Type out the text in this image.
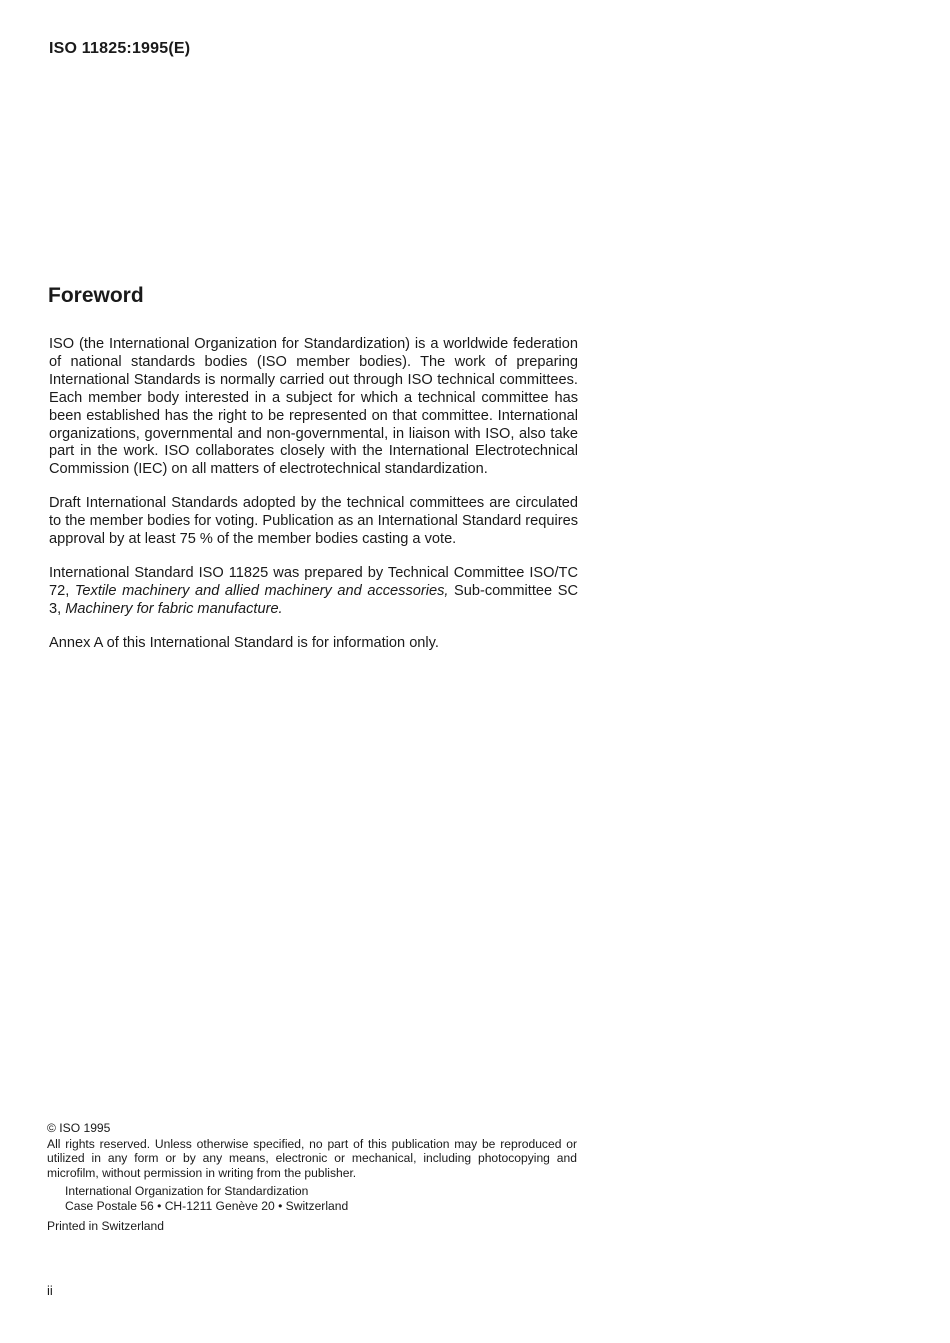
ISO 11825:1995(E)
Foreword

ISO (the International Organization for Standardization) is a worldwide federation of national standards bodies (ISO member bodies). The work of preparing International Standards is normally carried out through ISO technical committees. Each member body interested in a subject for which a technical committee has been established has the right to be represented on that committee. International organizations, governmental and non-governmental, in liaison with ISO, also take part in the work. ISO collaborates closely with the International Electrotechnical Commission (IEC) on all matters of electrotechnical standardization.

Draft International Standards adopted by the technical committees are circulated to the member bodies for voting. Publication as an International Standard requires approval by at least 75 % of the member bodies casting a vote.

International Standard ISO 11825 was prepared by Technical Committee ISO/TC 72, Textile machinery and allied machinery and accessories, Sub-committee SC 3, Machinery for fabric manufacture.

Annex A of this International Standard is for information only.

© ISO 1995
All rights reserved. Unless otherwise specified, no part of this publication may be reproduced or utilized in any form or by any means, electronic or mechanical, including photocopying and microfilm, without permission in writing from the publisher.
International Organization for Standardization
Case Postale 56 • CH-1211 Genève 20 • Switzerland
Printed in Switzerland
ii
